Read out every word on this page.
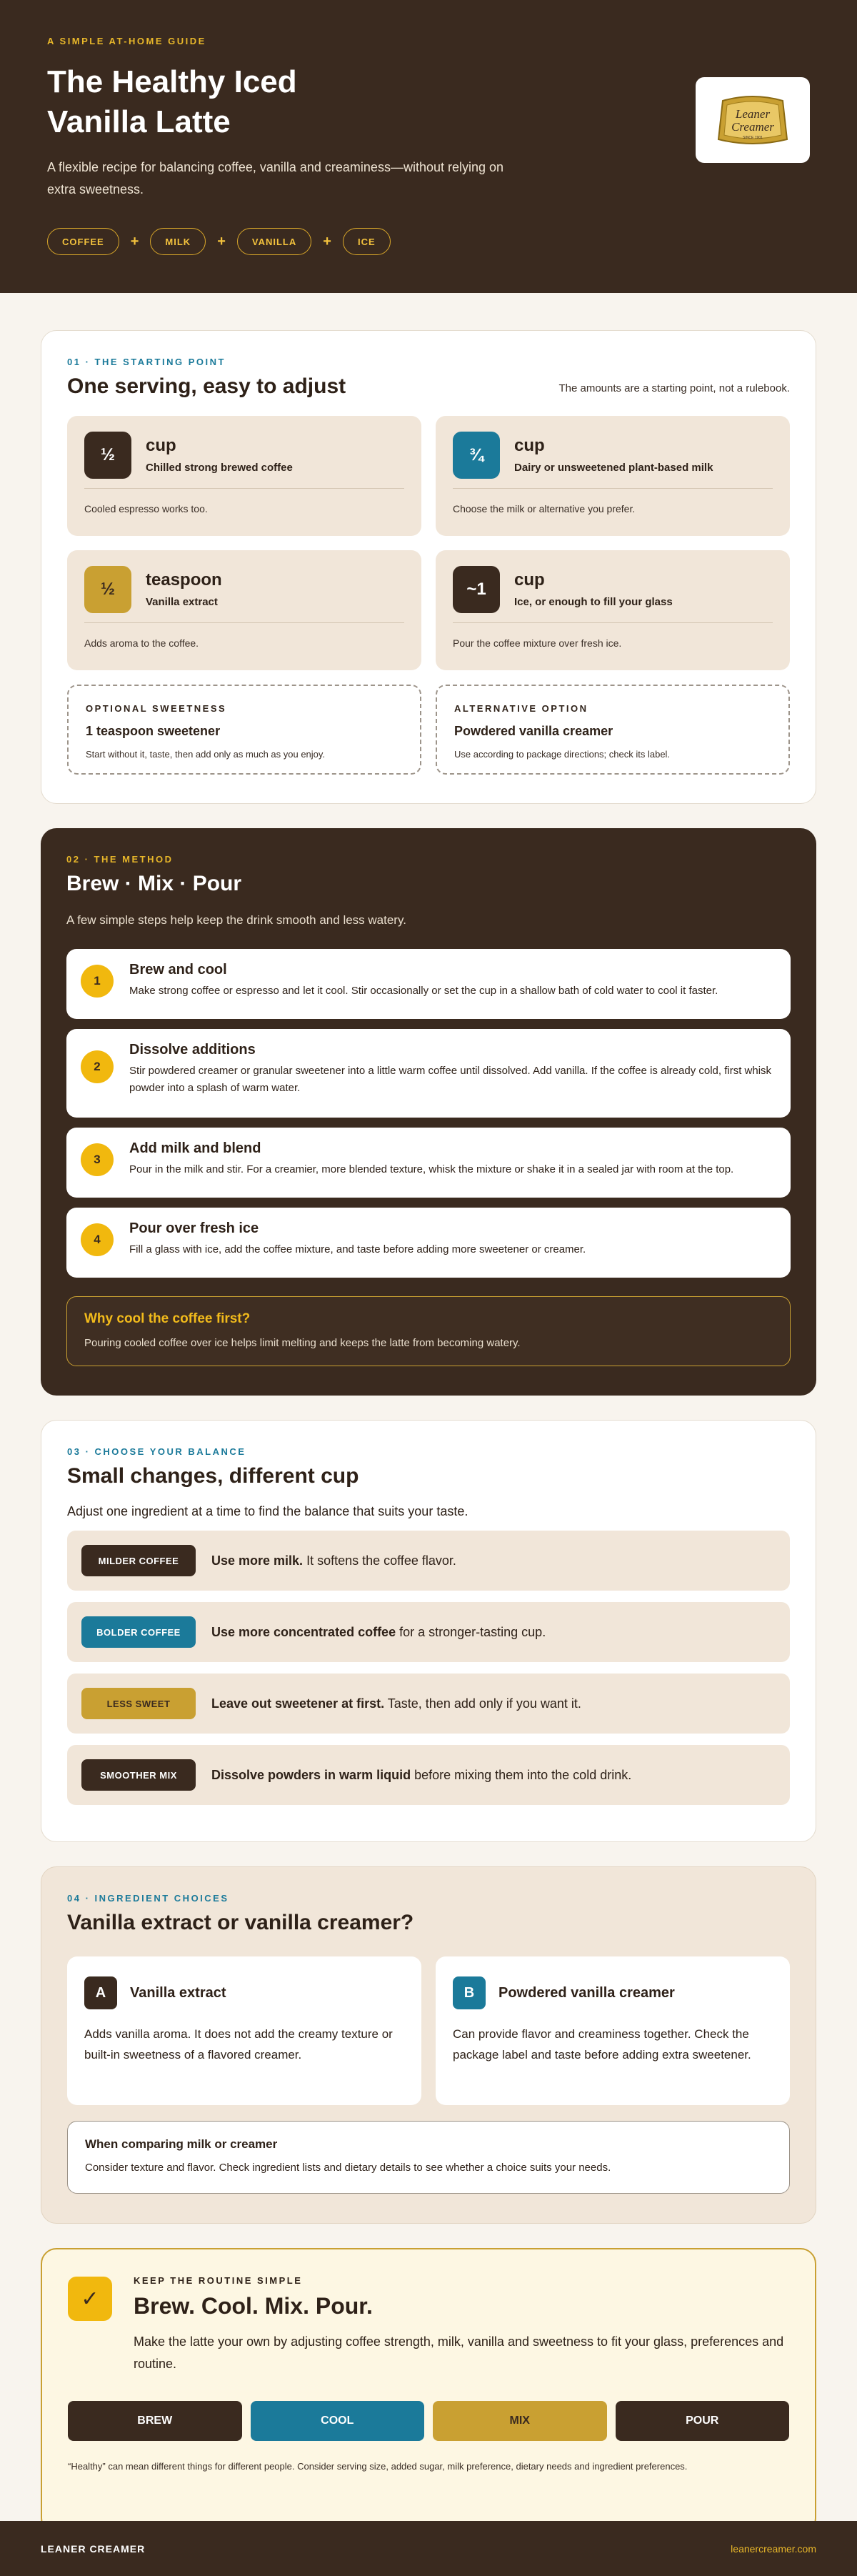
A SIMPLE AT-HOME GUIDE
The Healthy Iced
Vanilla Latte
A flexible recipe for balancing coffee, vanilla and creaminess—without relying on extra sweetness.
COFFEE	+	MILK	+	VANILLA	+	ICE
Leaner
Creamer
SINCE 1901
01 · THE STARTING POINT
One serving, easy to adjust	The amounts are a starting point, not a rulebook.
½	cup
Chilled strong brewed coffee
Cooled espresso works too.
¾	cup
Dairy or unsweetened plant-based milk
Choose the milk or alternative you prefer.
½	teaspoon
Vanilla extract
Adds aroma to the coffee.
~1	cup
Ice, or enough to fill your glass
Pour the coffee mixture over fresh ice.
OPTIONAL SWEETNESS
1 teaspoon sweetener
Start without it, taste, then add only as much as you enjoy.
ALTERNATIVE OPTION
Powdered vanilla creamer
Use according to package directions; check its label.
02 · THE METHOD
Brew · Mix · Pour
A few simple steps help keep the drink smooth and less watery.
1
Brew and cool
Make strong coffee or espresso and let it cool. Stir occasionally or set the cup in a shallow bath of cold water to cool it faster.
2
Dissolve additions
Stir powdered creamer or granular sweetener into a little warm coffee until dissolved. Add vanilla. If the coffee is already cold, first whisk powder into a splash of warm water.
3
Add milk and blend
Pour in the milk and stir. For a creamier, more blended texture, whisk the mixture or shake it in a sealed jar with room at the top.
4
Pour over fresh ice
Fill a glass with ice, add the coffee mixture, and taste before adding more sweetener or creamer.
Why cool the coffee first?
Pouring cooled coffee over ice helps limit melting and keeps the latte from becoming watery.
03 · CHOOSE YOUR BALANCE
Small changes, different cup
Adjust one ingredient at a time to find the balance that suits your taste.
MILDER COFFEE	Use more milk. It softens the coffee flavor.
BOLDER COFFEE	Use more concentrated coffee for a stronger-tasting cup.
LESS SWEET	Leave out sweetener at first. Taste, then add only if you want it.
SMOOTHER MIX	Dissolve powders in warm liquid before mixing them into the cold drink.
04 · INGREDIENT CHOICES
Vanilla extract or vanilla creamer?
A	Vanilla extract
Adds vanilla aroma. It does not add the creamy texture or built-in sweetness of a flavored creamer.
B	Powdered vanilla creamer
Can provide flavor and creaminess together. Check the package label and taste before adding extra sweetener.
When comparing milk or creamer
Consider texture and flavor. Check ingredient lists and dietary details to see whether a choice suits your needs.
✓
KEEP THE ROUTINE SIMPLE
Brew. Cool. Mix. Pour.
Make the latte your own by adjusting coffee strength, milk, vanilla and sweetness to fit your glass, preferences and routine.
BREW	COOL	MIX	POUR
“Healthy” can mean different things for different people. Consider serving size, added sugar, milk preference, dietary needs and ingredient preferences.
LEANER CREAMER	leanercreamer.com
